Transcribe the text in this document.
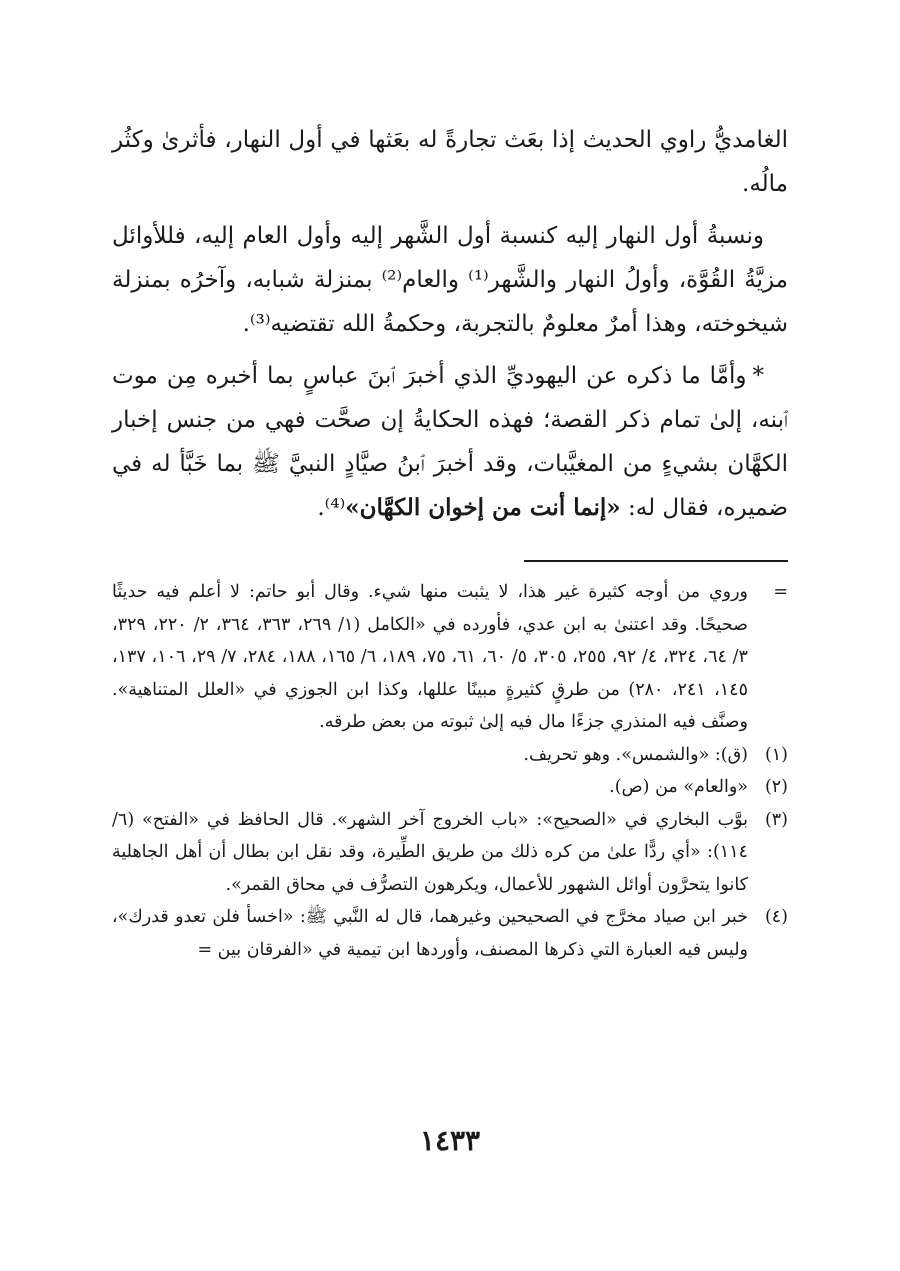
الغامديُّ راوي الحديث إذا بعَث تجارةً له بعَثها في أول النهار، فأثرىٰ وكثُر مالُه.

ونسبةُ أول النهار إليه كنسبة أول الشَّهر إليه وأول العام إليه، فللأوائل مزيَّةُ القُوَّة، وأولُ النهار والشَّهر⁽¹⁾ والعام⁽²⁾ بمنزلة شبابه، وآخرُه بمنزلة شيخوخته، وهذا أمرٌ معلومٌ بالتجربة، وحكمةُ الله تقتضيه⁽³⁾.

*وأمَّا ما ذكره عن اليهوديِّ الذي أخبرَ ٱبنَ عباسٍ بما أخبره مِن موت ٱبنه، إلىٰ تمام ذكر القصة؛ فهذه الحكايةُ إن صحَّت فهي من جنس إخبار الكهَّان بشيءٍ من المغيَّبات، وقد أخبرَ ٱبنُ صيَّادٍ النبيَّ ﷺ بما خَبَّأ له في ضميره، فقال له: «إنما أنت من إخوان الكهَّان»⁽⁴⁾.

=
وروي من أوجه كثيرة غير هذا، لا يثبت منها شيء. وقال أبو حاتم: لا أعلم فيه حديثًا صحيحًا. وقد اعتنىٰ به ابن عدي، فأورده في «الكامل (١/ ٢٦٩، ٣٦٣، ٣٦٤، ٢/ ٢٢٠، ٣٢٩، ٣/ ٦٤، ٣٢٤، ٤/ ٩٢، ٢٥٥، ٣٠٥، ٥/ ٦٠، ٦١، ٧٥، ١٨٩، ٦/ ١٦٥، ١٨٨، ٢٨٤، ٧/ ٢٩، ١٠٦، ١٣٧، ١٤٥، ٢٤١، ٢٨٠) من طرقٍ كثيرةٍ مبينًا عللها، وكذا ابن الجوزي في «العلل المتناهية». وصنَّف فيه المنذري جزءًا مال فيه إلىٰ ثبوته من بعض طرقه.
(١)
(ق): «والشمس». وهو تحريف.
(٢)
«والعام» من (ص).
(٣)
بوَّب البخاري في «الصحيح»: «باب الخروج آخر الشهر». قال الحافظ في «الفتح» (٦/ ١١٤): «أي ردًّا علىٰ من كره ذلك من طريق الطِّيرة، وقد نقل ابن بطال أن أهل الجاهلية كانوا يتحرَّون أوائل الشهور للأعمال، ويكرهون التصرُّف في محاق القمر».
(٤)
خبر ابن صياد مخرَّج في الصحيحين وغيرهما، قال له النَّبي ﷺ: «اخسأ فلن تعدو قدرك»، وليس فيه العبارة التي ذكرها المصنف، وأوردها ابن تيمية في «الفرقان بين =
١٤٣٣
